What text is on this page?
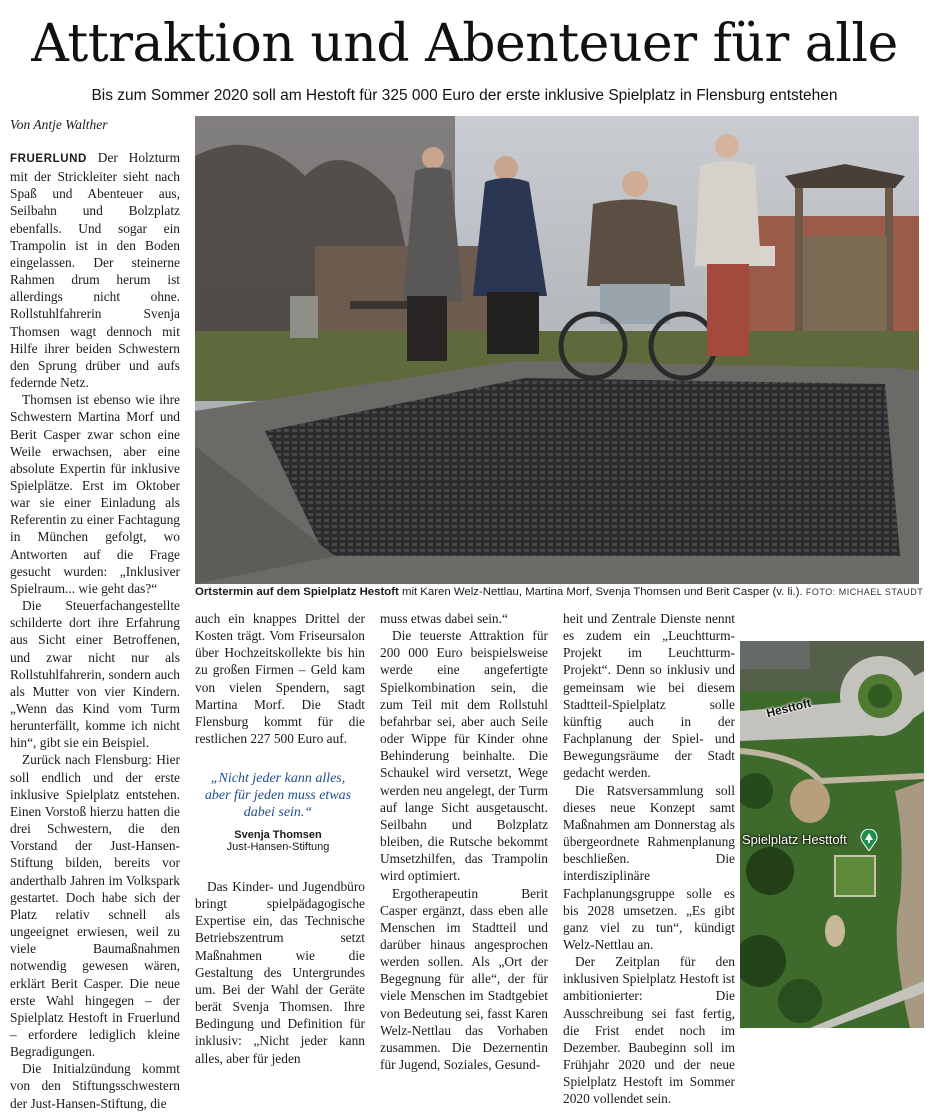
Attraktion und Abenteuer für alle
Bis zum Sommer 2020 soll am Hestoft für 325 000 Euro der erste inklusive Spielplatz in Flensburg entstehen
Von Antje Walther

FRUERLUND Der Holzturm mit der Strickleiter sieht nach Spaß und Abenteuer aus, Seilbahn und Bolzplatz ebenfalls. Und sogar ein Trampolin ist in den Boden eingelassen. Der steinerne Rahmen drum herum ist allerdings nicht ohne. Rollstuhlfahrerin Svenja Thomsen wagt dennoch mit Hilfe ihrer beiden Schwestern den Sprung drüber und aufs federnde Netz.

Thomsen ist ebenso wie ihre Schwestern Martina Morf und Berit Casper zwar schon eine Weile erwachsen, aber eine absolute Expertin für inklusive Spielplätze. Erst im Oktober war sie einer Einladung als Referentin zu einer Fachtagung in München gefolgt, wo Antworten auf die Frage gesucht wurden: „Inklusiver Spielraum... wie geht das?“

Die Steuerfachangestellte schilderte dort ihre Erfahrung aus Sicht einer Betroffenen, und zwar nicht nur als Rollstuhlfahrerin, sondern auch als Mutter von vier Kindern. „Wenn das Kind vom Turm herunterfällt, komme ich nicht hin“, gibt sie ein Beispiel.

Zurück nach Flensburg: Hier soll endlich und der erste inklusive Spielplatz entstehen. Einen Vorstoß hierzu hatten die drei Schwestern, die den Vorstand der Just-Hansen-Stiftung bilden, bereits vor anderthalb Jahren im Volkspark gestartet. Doch habe sich der Platz relativ schnell als ungeeignet erwiesen, weil zu viele Baumaßnahmen notwendig gewesen wären, erklärt Berit Casper. Die neue erste Wahl hingegen – der Spielplatz Hestoft in Fruerlund – erfordere lediglich kleine Begradigungen.

Die Initialzündung kommt von den Stiftungsschwestern der Just-Hansen-Stiftung, die

Ortstermin auf dem Spielplatz Hestoft mit Karen Welz-Nettlau, Martina Morf, Svenja Thomsen und Berit Casper (v. li.). FOTO: MICHAEL STAUDT

auch ein knappes Drittel der Kosten trägt. Vom Friseursalon über Hochzeitskollekte bis hin zu großen Firmen – Geld kam von vielen Spendern, sagt Martina Morf. Die Stadt Flensburg kommt für die restlichen 227 500 Euro auf.

„Nicht jeder kann alles, aber für jeden muss etwas dabei sein.“
Svenja Thomsen
Just-Hansen-Stiftung

Das Kinder- und Jugendbüro bringt spielpädagogische Expertise ein, das Technische Betriebszentrum setzt Maßnahmen wie die Gestaltung des Untergrundes um. Bei der Wahl der Geräte berät Svenja Thomsen. Ihre Bedingung und Definition für inklusiv: „Nicht jeder kann alles, aber für jeden

muss etwas dabei sein.“

Die teuerste Attraktion für 200 000 Euro beispielsweise werde eine angefertigte Spielkombination sein, die zum Teil mit dem Rollstuhl befahrbar sei, aber auch Seile oder Wippe für Kinder ohne Behinderung beinhalte. Die Schaukel wird versetzt, Wege werden neu angelegt, der Turm auf lange Sicht ausgetauscht. Seilbahn und Bolzplatz bleiben, die Rutsche bekommt Umsetzhilfen, das Trampolin wird optimiert.

Ergotherapeutin Berit Casper ergänzt, dass eben alle Menschen im Stadtteil und darüber hinaus angesprochen werden sollen. Als „Ort der Begegnung für alle“, der für viele Menschen im Stadtgebiet von Bedeutung sei, fasst Karen Welz-Nettlau das Vorhaben zusammen. Die Dezernentin für Jugend, Soziales, Gesund-

heit und Zentrale Dienste nennt es zudem ein „Leuchtturm-Projekt im Leuchtturm-Projekt“. Denn so inklusiv und gemeinsam wie bei diesem Stadtteil-Spielplatz solle künftig auch in der Fachplanung der Spiel- und Bewegungsräume der Stadt gedacht werden.

Die Ratsversammlung soll dieses neue Konzept samt Maßnahmen am Donnerstag als übergeordnete Rahmenplanung beschließen. Die interdisziplinäre Fachplanungsgruppe solle es bis 2028 umsetzen. „Es gibt ganz viel zu tun“, kündigt Welz-Nettlau an.

Der Zeitplan für den inklusiven Spielplatz Hestoft ist ambitionierter: Die Ausschreibung sei fast fertig, die Frist endet noch im Dezember. Baubeginn soll im Frühjahr 2020 und der neue Spielplatz Hestoft im Sommer 2020 vollendet sein.

Hesttoft
Spielplatz Hesttoft
